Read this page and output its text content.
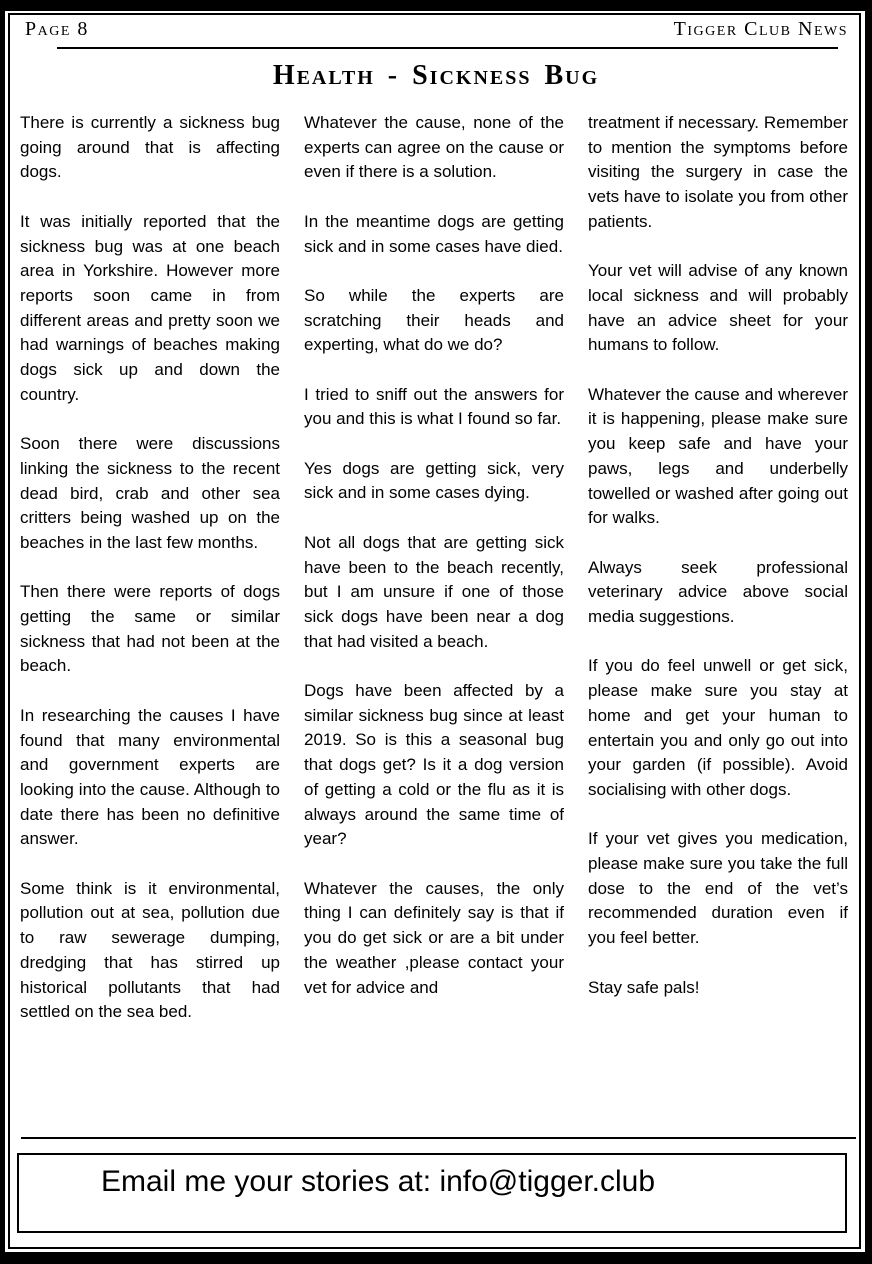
Page 8	Tigger Club News
Health - Sickness Bug

There is currently a sickness bug going around that is affecting dogs.

It was initially reported that the sickness bug was at one beach area in Yorkshire. However more reports soon came in from different areas and pretty soon we had warnings of beaches making dogs sick up and down the country.

Soon there were discussions linking the sickness to the recent dead bird, crab and other sea critters being washed up on the beaches in the last few months.

Then there were reports of dogs getting the same or similar sickness that had not been at the beach.

In researching the causes I have found that many environmental and government experts are looking into the cause. Although to date there has been no definitive answer.

Some think is it environmental, pollution out at sea, pollution due to raw sewerage dumping, dredging that has stirred up historical pollutants that had settled on the sea bed.

Whatever the cause, none of the experts can agree on the cause or even if there is a solution.

In the meantime dogs are getting sick and in some cases have died.

So while the experts are scratching their heads and experting, what do we do?

I tried to sniff out the answers for you and this is what I found so far.

Yes dogs are getting sick, very sick and in some cases dying.

Not all dogs that are getting sick have been to the beach recently, but I am unsure if one of those sick dogs have been near a dog that had visited a beach.

Dogs have been affected by a similar sickness bug since at least 2019. So is this a seasonal bug that dogs get? Is it a dog version of getting a cold or the flu as it is always around the same time of year?

Whatever the causes, the only thing I can definitely say is that if you do get sick or are a bit under the weather ,please contact your vet for advice and

treatment if necessary. Remember to mention the symptoms before visiting the surgery in case the vets have to isolate you from other patients.

Your vet will advise of any known local sickness and will probably have an advice sheet for your humans to follow.

Whatever the cause and wherever it is happening, please make sure you keep safe and have your paws, legs and underbelly towelled or washed after going out for walks.

Always seek professional veterinary advice above social media suggestions.

If you do feel unwell or get sick, please make sure you stay at home and get your human to entertain you and only go out into your garden (if possible). Avoid socialising with other dogs.

If your vet gives you medication, please make sure you take the full dose to the end of the vet’s recommended duration even if you feel better.

Stay safe pals!

Email me your stories at: info@tigger.club
